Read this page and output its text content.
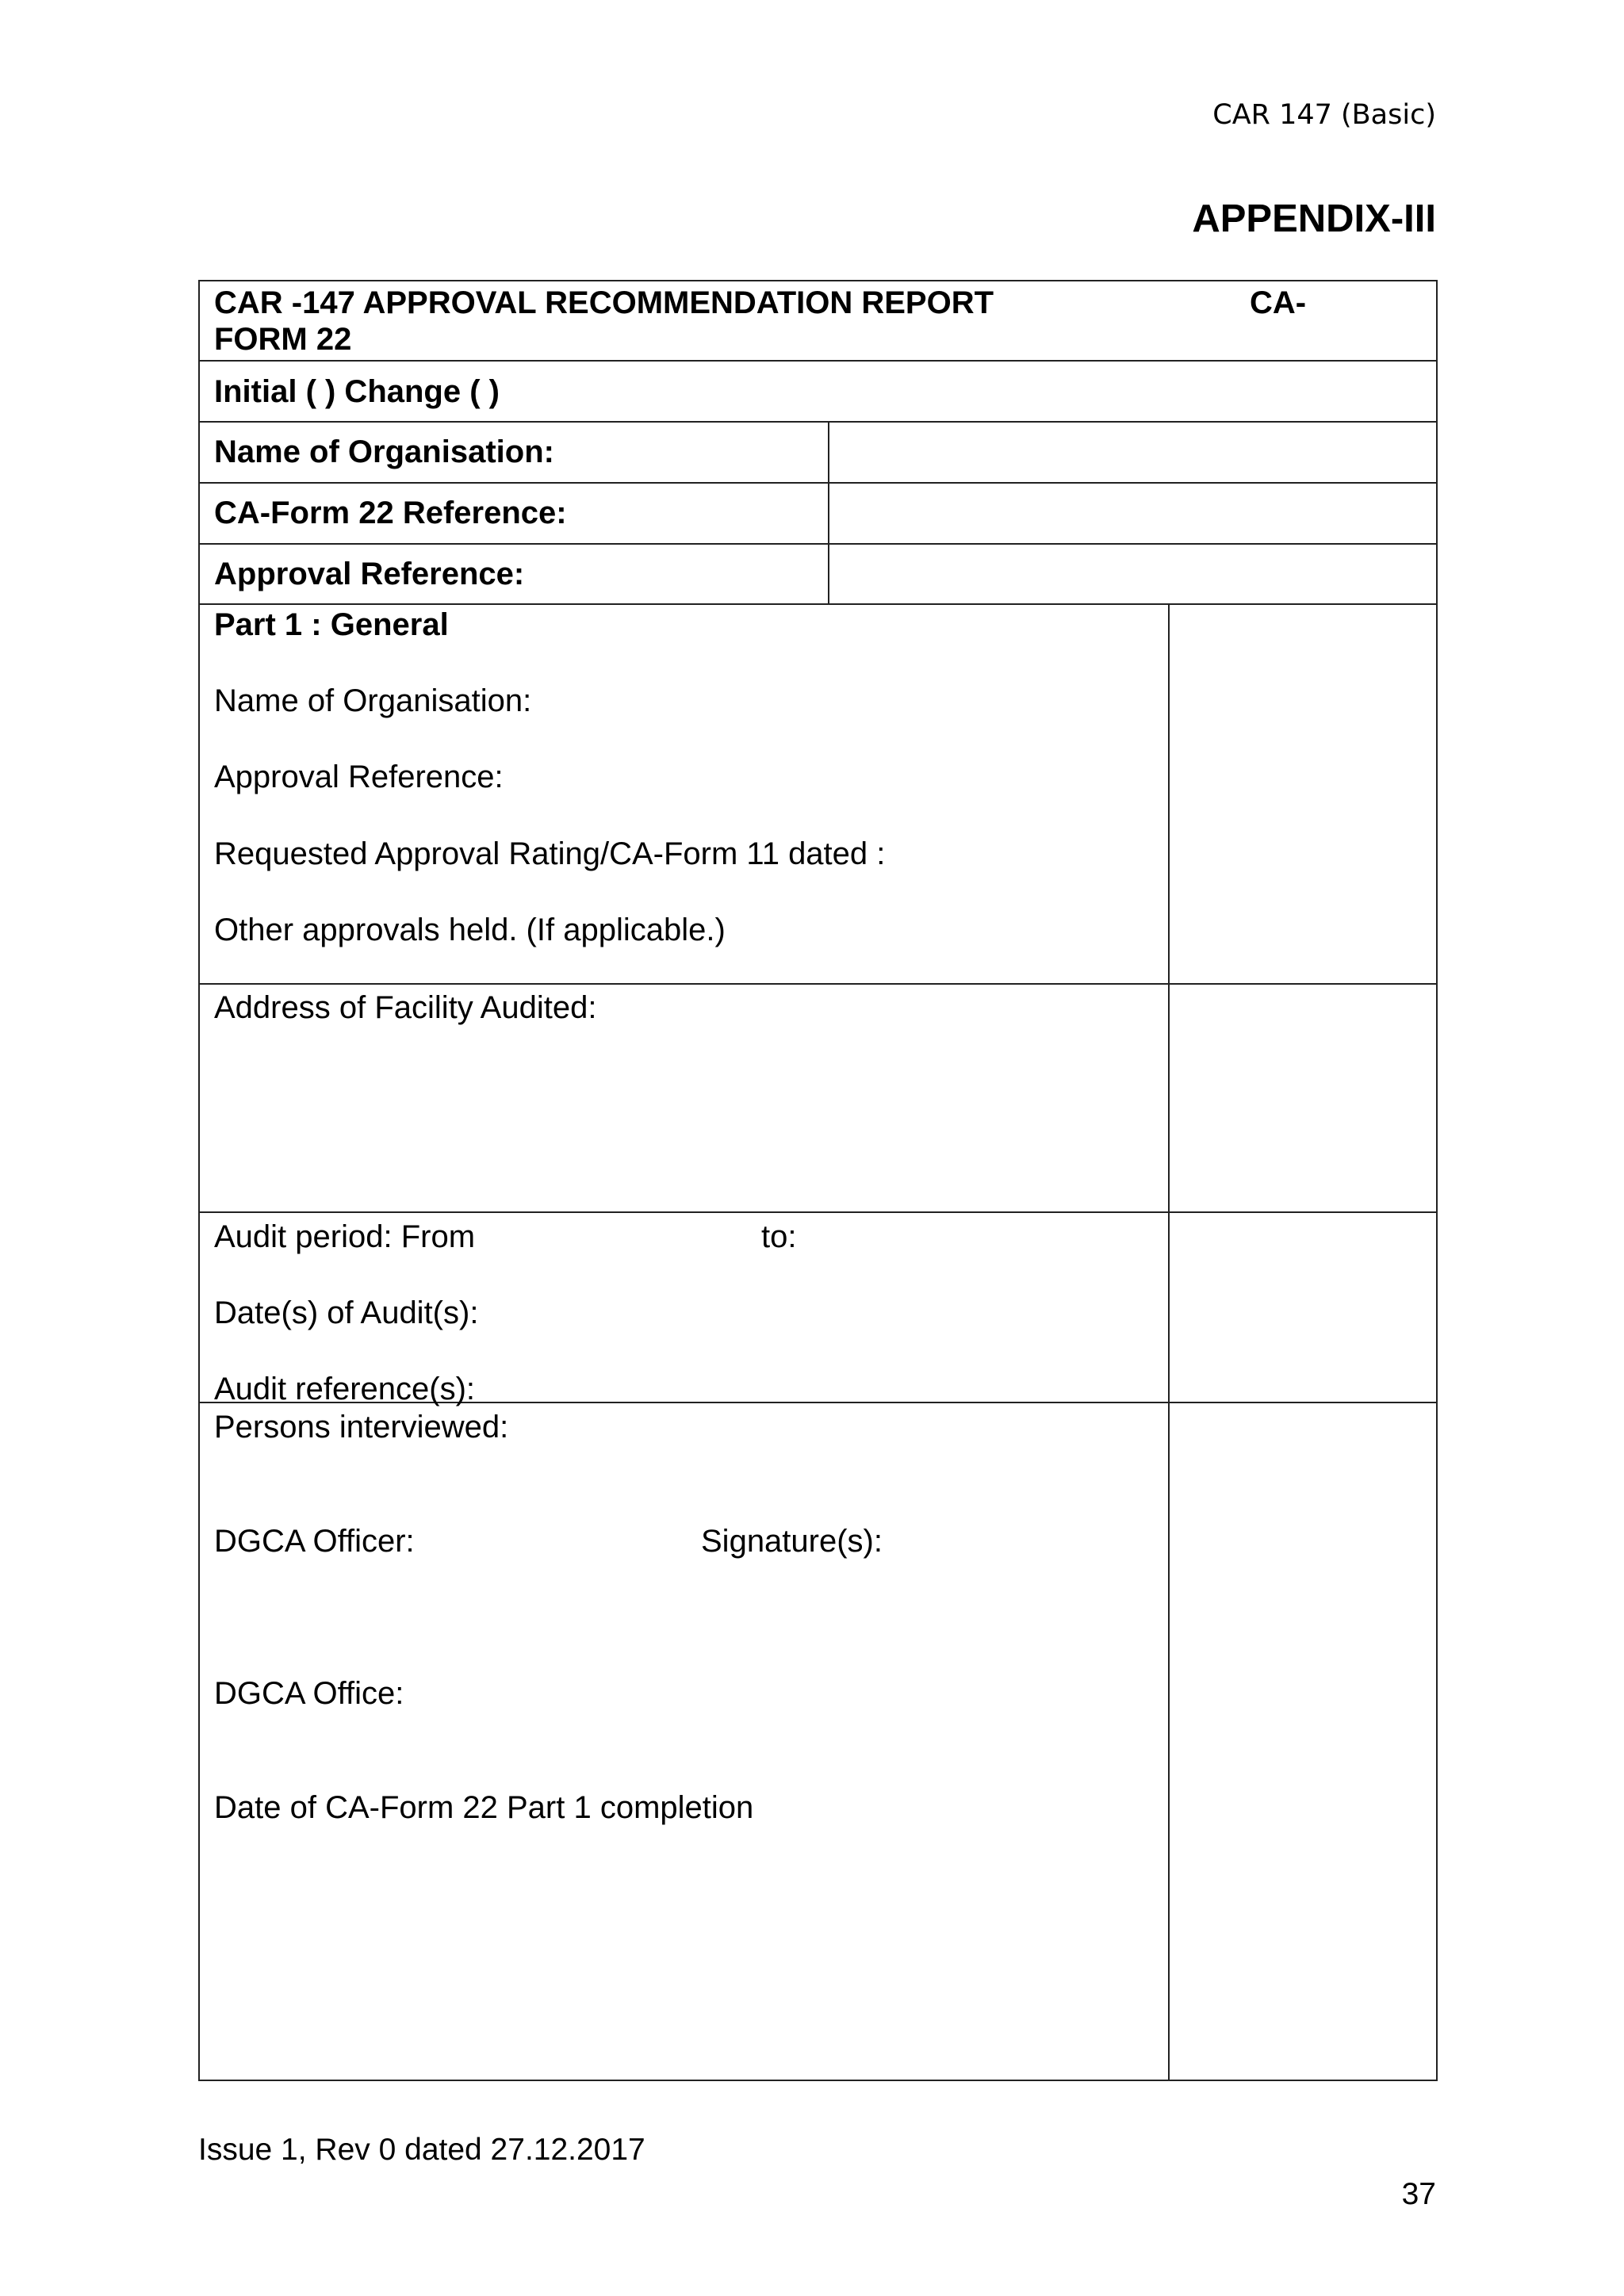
CAR 147 (Basic)
APPENDIX-III
CAR -147 APPROVAL RECOMMENDATION REPORT	CA-
FORM 22
Initial ( ) Change ( )
Name of Organisation:
CA-Form 22 Reference:
Approval Reference:
Part 1 : General
Name of Organisation:
Approval Reference:
Requested Approval Rating/CA-Form 11 dated :
Other approvals held. (If applicable.)
Address of Facility Audited:
Audit period: From	to:
Date(s) of Audit(s):
Audit reference(s):
Persons interviewed:
DGCA Officer:	Signature(s):
DGCA Office:
Date of CA-Form 22 Part 1 completion
Issue 1, Rev 0 dated 27.12.2017
37
